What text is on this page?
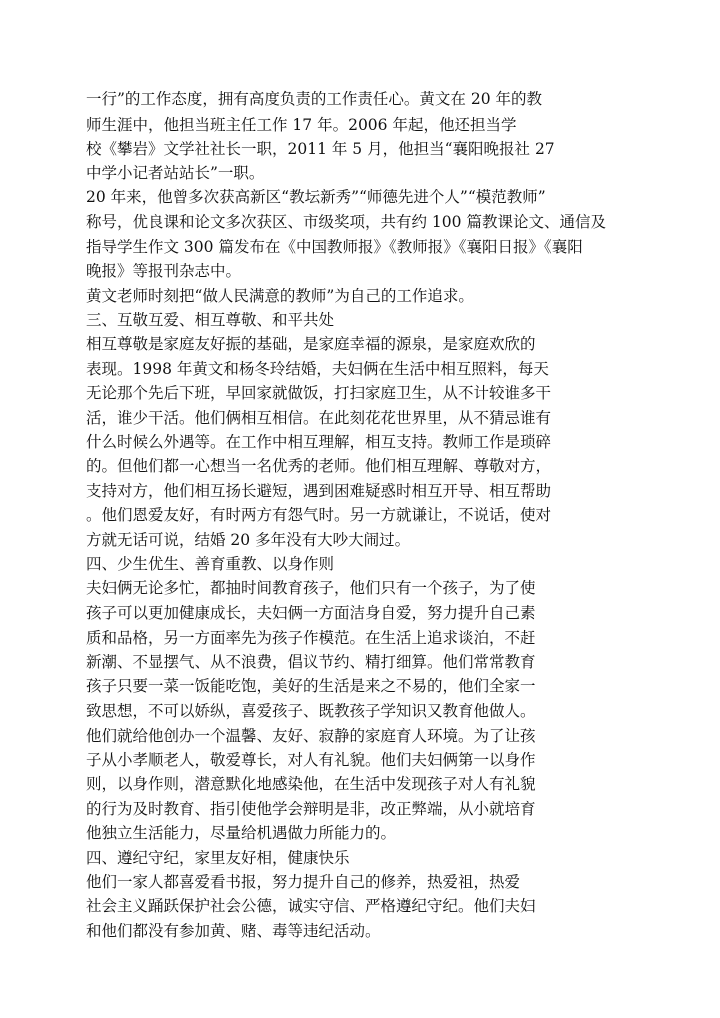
一行”的工作态度，拥有高度负责的工作责任心。黄文在 20 年的教
师生涯中，他担当班主任工作 17 年。2006 年起，他还担当学
校《攀岩》文学社社长一职，2011 年 5 月，他担当“襄阳晚报社 27
中学小记者站站长”一职。
20 年来，他曾多次获高新区“教坛新秀”“师德先进个人”“模范教师”
称号，优良课和论文多次获区、市级奖项，共有约 100 篇教课论文、通信及
指导学生作文 300 篇发布在《中国教师报》《教师报》《襄阳日报》《襄阳
晚报》等报刊杂志中。
黄文老师时刻把“做人民满意的教师”为自己的工作追求。
三、互敬互爱、相互尊敬、和平共处
相互尊敬是家庭友好振的基础，是家庭幸福的源泉，是家庭欢欣的
表现。1998 年黄文和杨冬玲结婚，夫妇俩在生活中相互照料，每天
无论那个先后下班，早回家就做饭，打扫家庭卫生，从不计较谁多干
活，谁少干活。他们俩相互相信。在此刻花花世界里，从不猜忌谁有
什么时候么外遇等。在工作中相互理解，相互支持。教师工作是琐碎
的。但他们都一心想当一名优秀的老师。他们相互理解、尊敬对方，
支持对方，他们相互扬长避短，遇到困难疑惑时相互开导、相互帮助
。他们恩爱友好，有时两方有怨气时。另一方就谦让，不说话，使对
方就无话可说，结婚 20 多年没有大吵大闹过。
四、少生优生、善育重教、以身作则
夫妇俩无论多忙，都抽时间教育孩子，他们只有一个孩子，为了使
孩子可以更加健康成长，夫妇俩一方面洁身自爱，努力提升自己素
质和品格，另一方面率先为孩子作模范。在生活上追求谈泊，不赶
新潮、不显摆气、从不浪费，倡议节约、精打细算。他们常常教育
孩子只要一菜一饭能吃饱，美好的生活是来之不易的，他们全家一
致思想，不可以娇纵，喜爱孩子、既教孩子学知识又教育他做人。
他们就给他创办一个温馨、友好、寂静的家庭育人环境。为了让孩
子从小孝顺老人，敬爱尊长，对人有礼貌。他们夫妇俩第一以身作
则，以身作则，潜意默化地感染他，在生活中发现孩子对人有礼貌
的行为及时教育、指引使他学会辩明是非，改正弊端，从小就培育
他独立生活能力，尽量给机遇做力所能力的。
四、遵纪守纪，家里友好相，健康快乐
他们一家人都喜爱看书报，努力提升自己的修养，热爱祖，热爱
社会主义踊跃保护社会公德，诚实守信、严格遵纪守纪。他们夫妇
和他们都没有参加黄、赌、毒等违纪活动。
